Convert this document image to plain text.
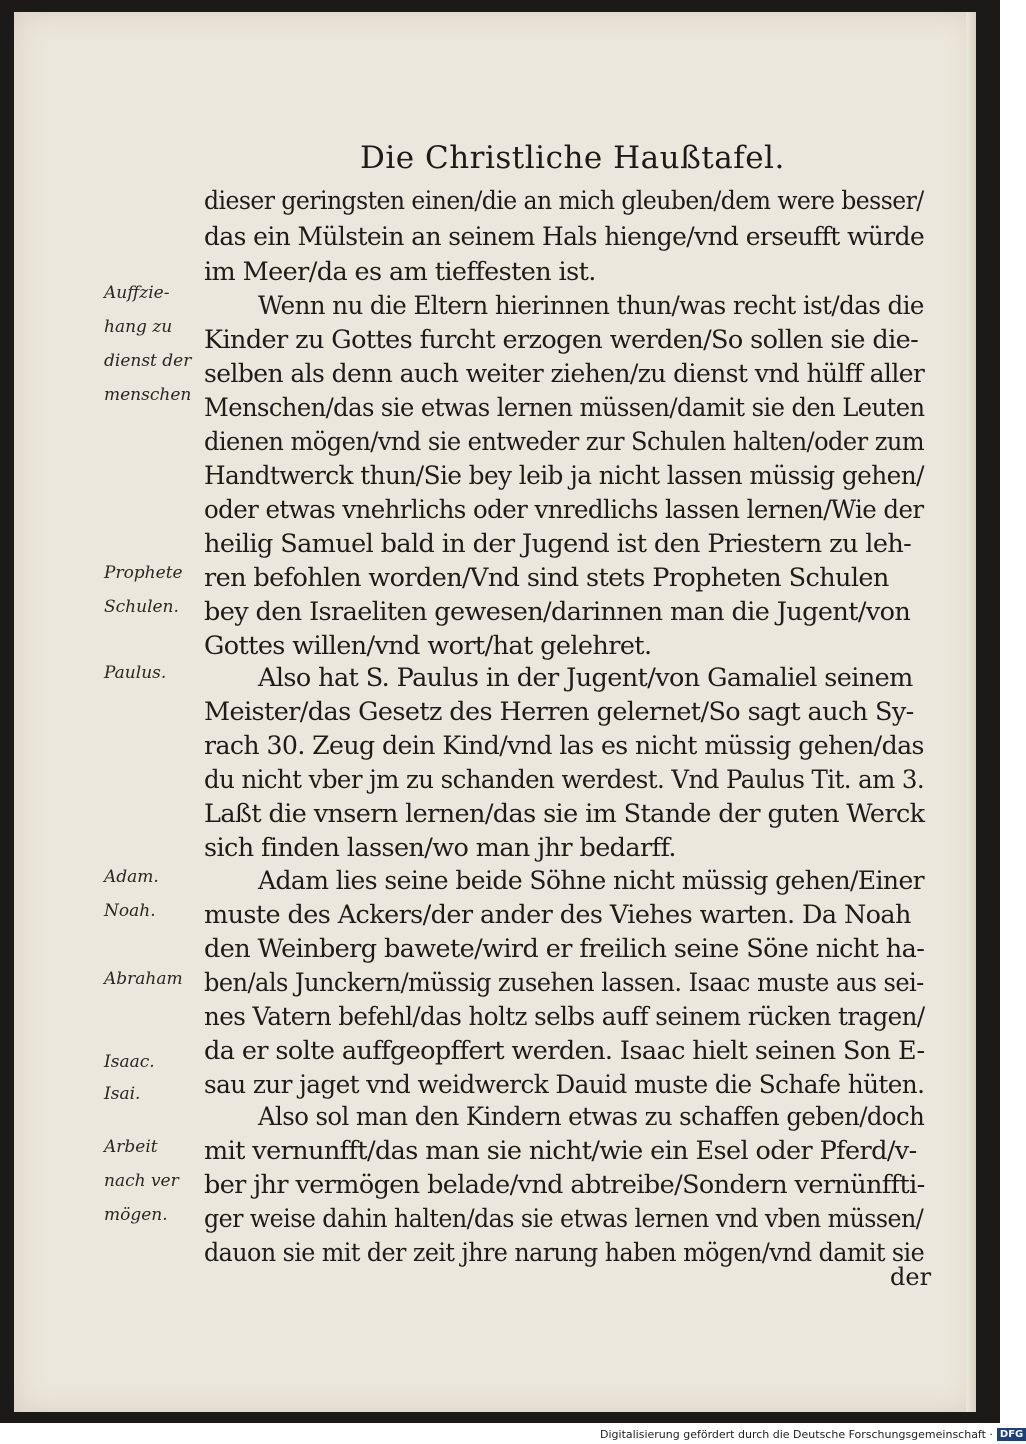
Die Christliche Haußtafel.
dieser geringsten einen/die an mich gleuben/dem were besser/
das ein Mülstein an seinem Hals hienge/vnd erseufft würde
im Meer/da es am tieffesten ist.
Wenn nu die Eltern hierinnen thun/was recht ist/das die
Kinder zu Gottes furcht erzogen werden/So sollen sie die-
selben als denn auch weiter ziehen/zu dienst vnd hülff aller
Menschen/das sie etwas lernen müssen/damit sie den Leuten
dienen mögen/vnd sie entweder zur Schulen halten/oder zum
Handtwerck thun/Sie bey leib ja nicht lassen müssig gehen/
oder etwas vnehrlichs oder vnredlichs lassen lernen/Wie der
heilig Samuel bald in der Jugend ist den Priestern zu leh-
ren befohlen worden/Vnd sind stets Propheten Schulen
bey den Israeliten gewesen/darinnen man die Jugent/von
Gottes willen/vnd wort/hat gelehret.
Also hat S. Paulus in der Jugent/von Gamaliel seinem
Meister/das Gesetz des Herren gelernet/So sagt auch Sy-
rach 30. Zeug dein Kind/vnd las es nicht müssig gehen/das
du nicht vber jm zu schanden werdest. Vnd Paulus Tit. am 3.
Laßt die vnsern lernen/das sie im Stande der guten Werck
sich finden lassen/wo man jhr bedarff.
Adam lies seine beide Söhne nicht müssig gehen/Einer
muste des Ackers/der ander des Viehes warten. Da Noah
den Weinberg bawete/wird er freilich seine Söne nicht ha-
ben/als Junckern/müssig zusehen lassen. Isaac muste aus sei-
nes Vatern befehl/das holtz selbs auff seinem rücken tragen/
da er solte auffgeopffert werden. Isaac hielt seinen Son E-
sau zur jaget vnd weidwerck Dauid muste die Schafe hüten.
Also sol man den Kindern etwas zu schaffen geben/doch
mit vernunfft/das man sie nicht/wie ein Esel oder Pferd/v-
ber jhr vermögen belade/vnd abtreibe/Sondern vernünffti-
ger weise dahin halten/das sie etwas lernen vnd vben müssen/
dauon sie mit der zeit jhre narung haben mögen/vnd damit sie
der
Auffzie-
hang zu
dienst der
menschen
Prophete
Schulen.
Paulus.
Adam.
Noah.
Abraham
Isaac.
Isai.
Arbeit
nach ver
mögen.
Digitalisierung gefördert durch die Deutsche Forschungsgemeinschaft · DFG
